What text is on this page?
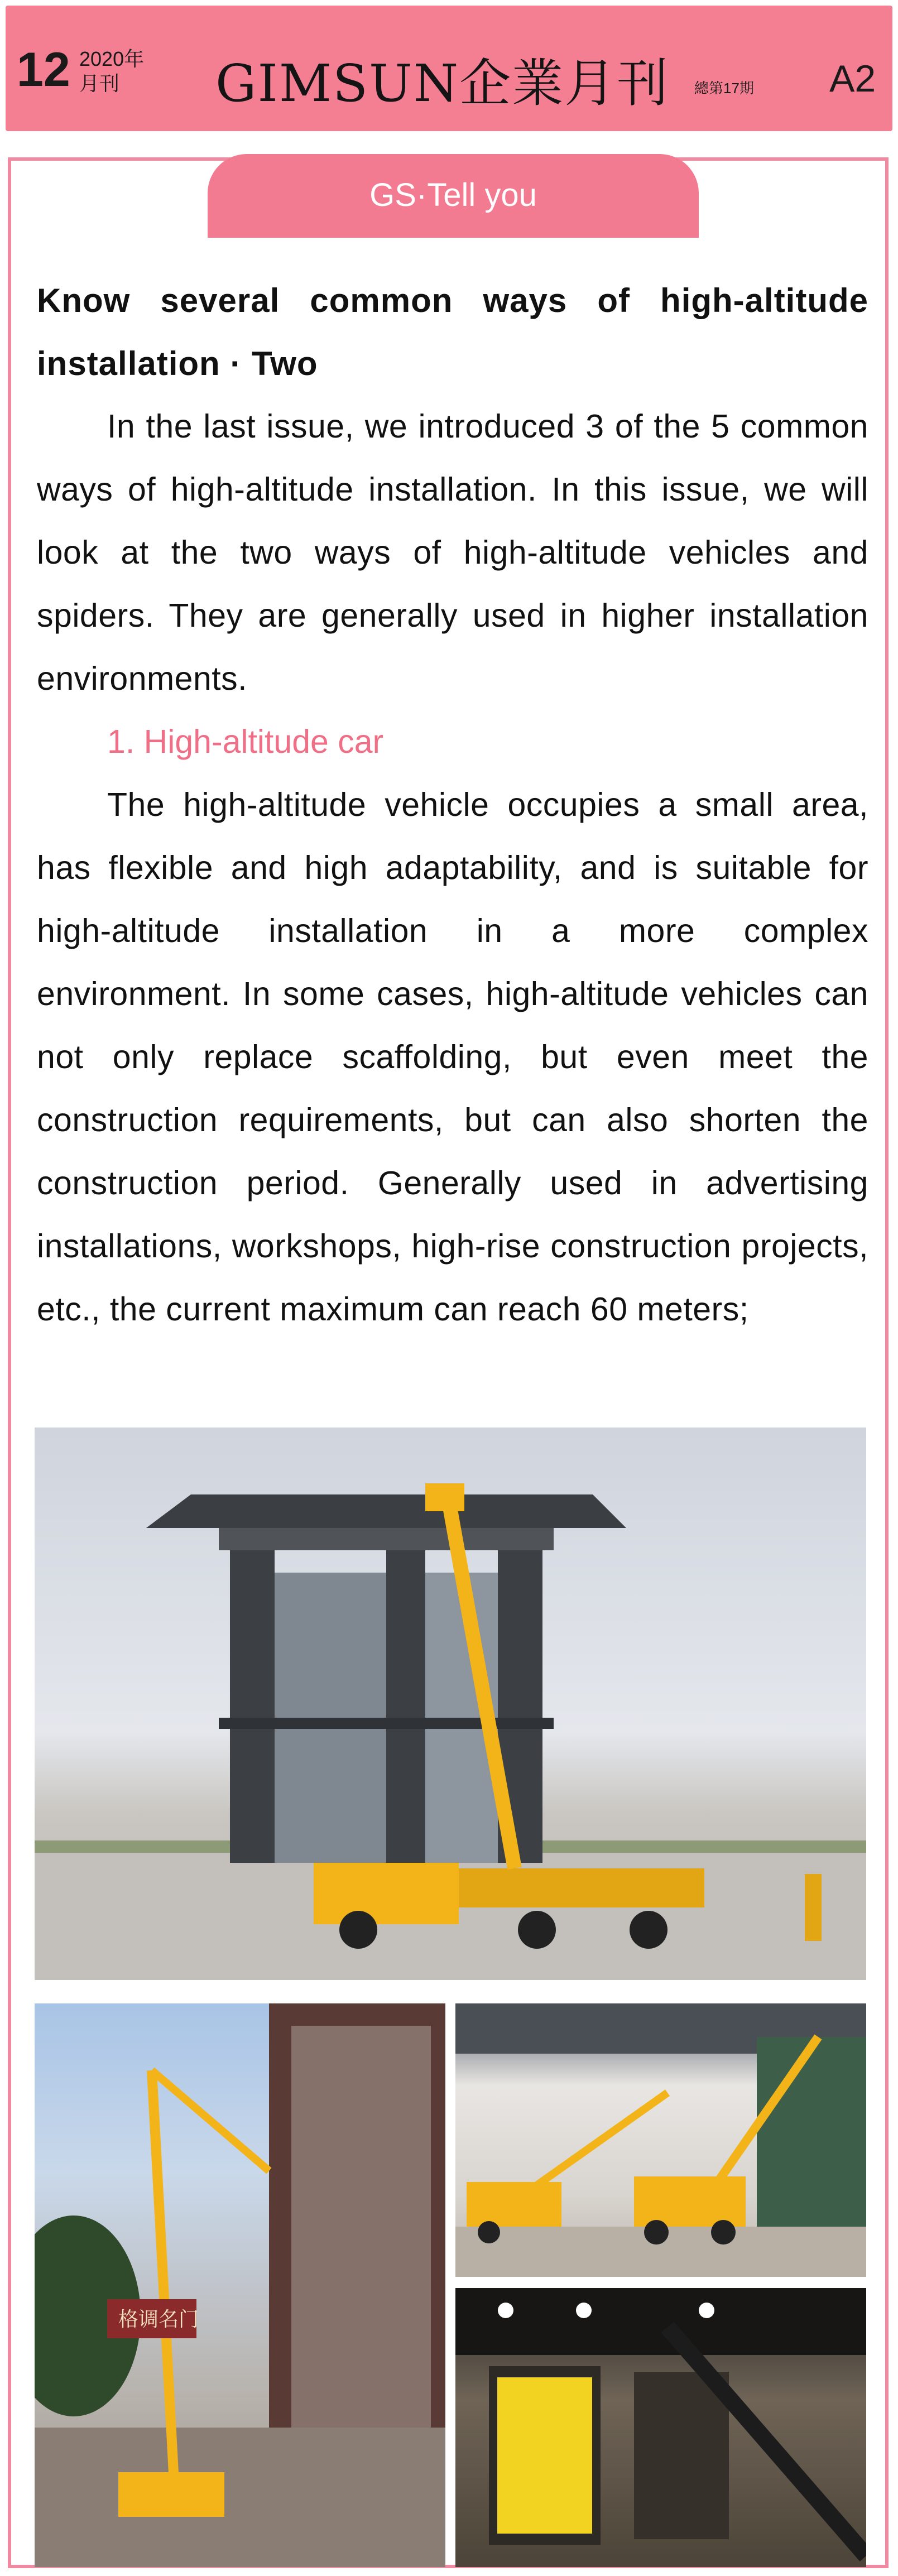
12 2020年
月刊 GIMSUN企業月刊 總第17期 A2
GS·Tell you

Know several common ways of high-altitude installation · Two

In the last issue, we introduced 3 of the 5 common ways of high-altitude installation. In this issue, we will look at the two ways of high-altitude vehicles and spiders. They are generally used in higher installation environments.

1. High-altitude car

The high-altitude vehicle occupies a small area, has flexible and high adaptability, and is suitable for high-altitude installation in a more complex environment. In some cases, high-altitude vehicles can not only replace scaffolding, but even meet the construction requirements, but can also shorten the construction period. Generally used in advertising installations, workshops, high-rise construction projects, etc., the current maximum can reach 60 meters;

格调名门
